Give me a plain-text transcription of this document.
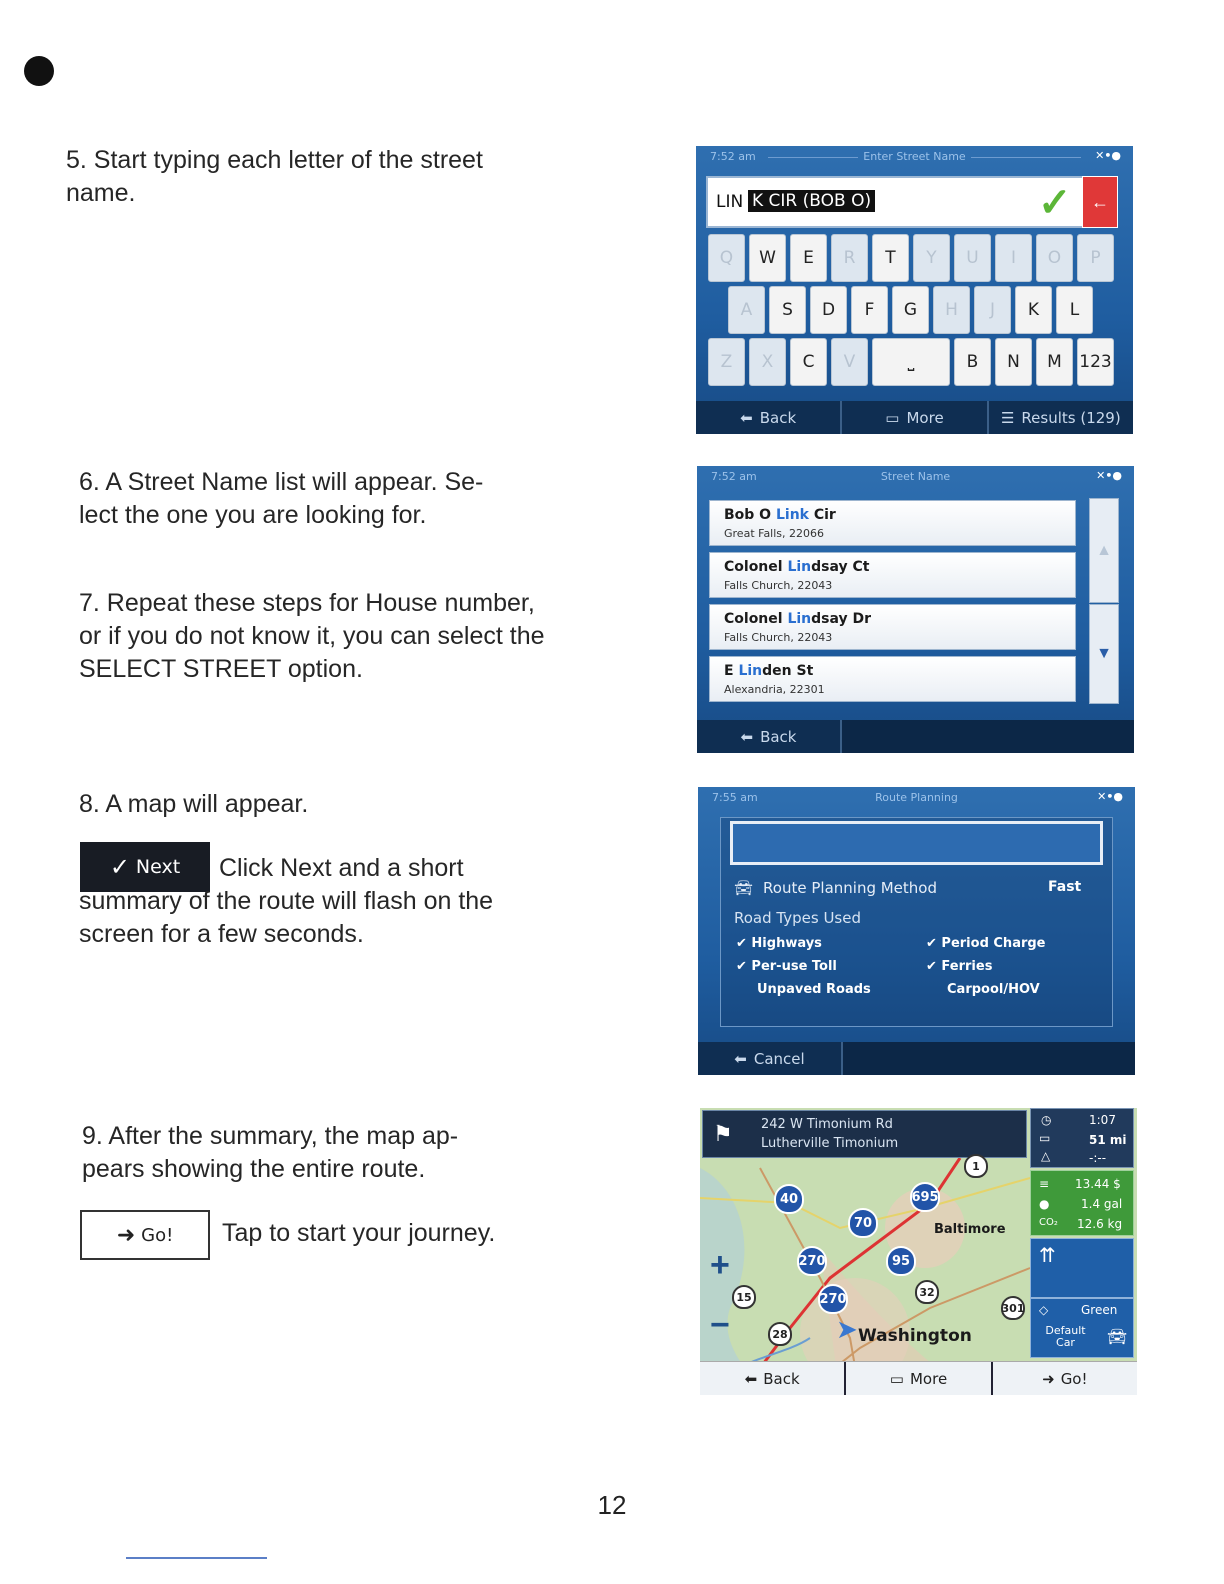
5. Start typing each letter of the street
name.
7:52 am	Enter Street Name	✕•●
LIN K CIR (BOB O)	✓	←
Q	W	E	R	T	Y	U	I	O	P
A	S	D	F	G	H	J	K	L
Z	X	C	V	⎵	B	N	M	123
⬅ Back	▭ More	☰ Results (129)
6. A Street Name list will appear. Se-
lect the one you are looking for.
7. Repeat these steps for House number,
or if you do not know it, you can select the
SELECT STREET option.
7:52 am	Street Name	✕•●
Bob O Link Cir
Great Falls, 22066
Colonel Lindsay Ct
Falls Church, 22043
Colonel Lindsay Dr
Falls Church, 22043
E Linden St
Alexandria, 22301
▲
▼
⬅ Back
8. A map will appear.
✓ Next Click Next and a short
summary of the route will flash on the
screen for a few seconds.
7:55 am	Route Planning	✕•●
🚘︎ Route Planning Method	Fast
Road Types Used
✔ Highways
✔ Per-use Toll
Unpaved Roads
✔ Period Charge
✔ Ferries
Carpool/HOV
⬅ Cancel
9. After the summary, the map ap-
pears showing the entire route.
➜ Go! Tap to start your journey.
⚑ 242 W Timonium Rd
Lutherville Timonium
40	695
70
270	95
270	32
301
28
15
1
Baltimore
Washington
➤
+
−
◷	1:07
▭	51 mi
△	-:--
≡ 13.44 $
●	1.4 gal
CO₂ 12.6 kg
⇈
◇	Green
Default Car	🚘︎
⬅ Back	▭ More	➜ Go!
12
